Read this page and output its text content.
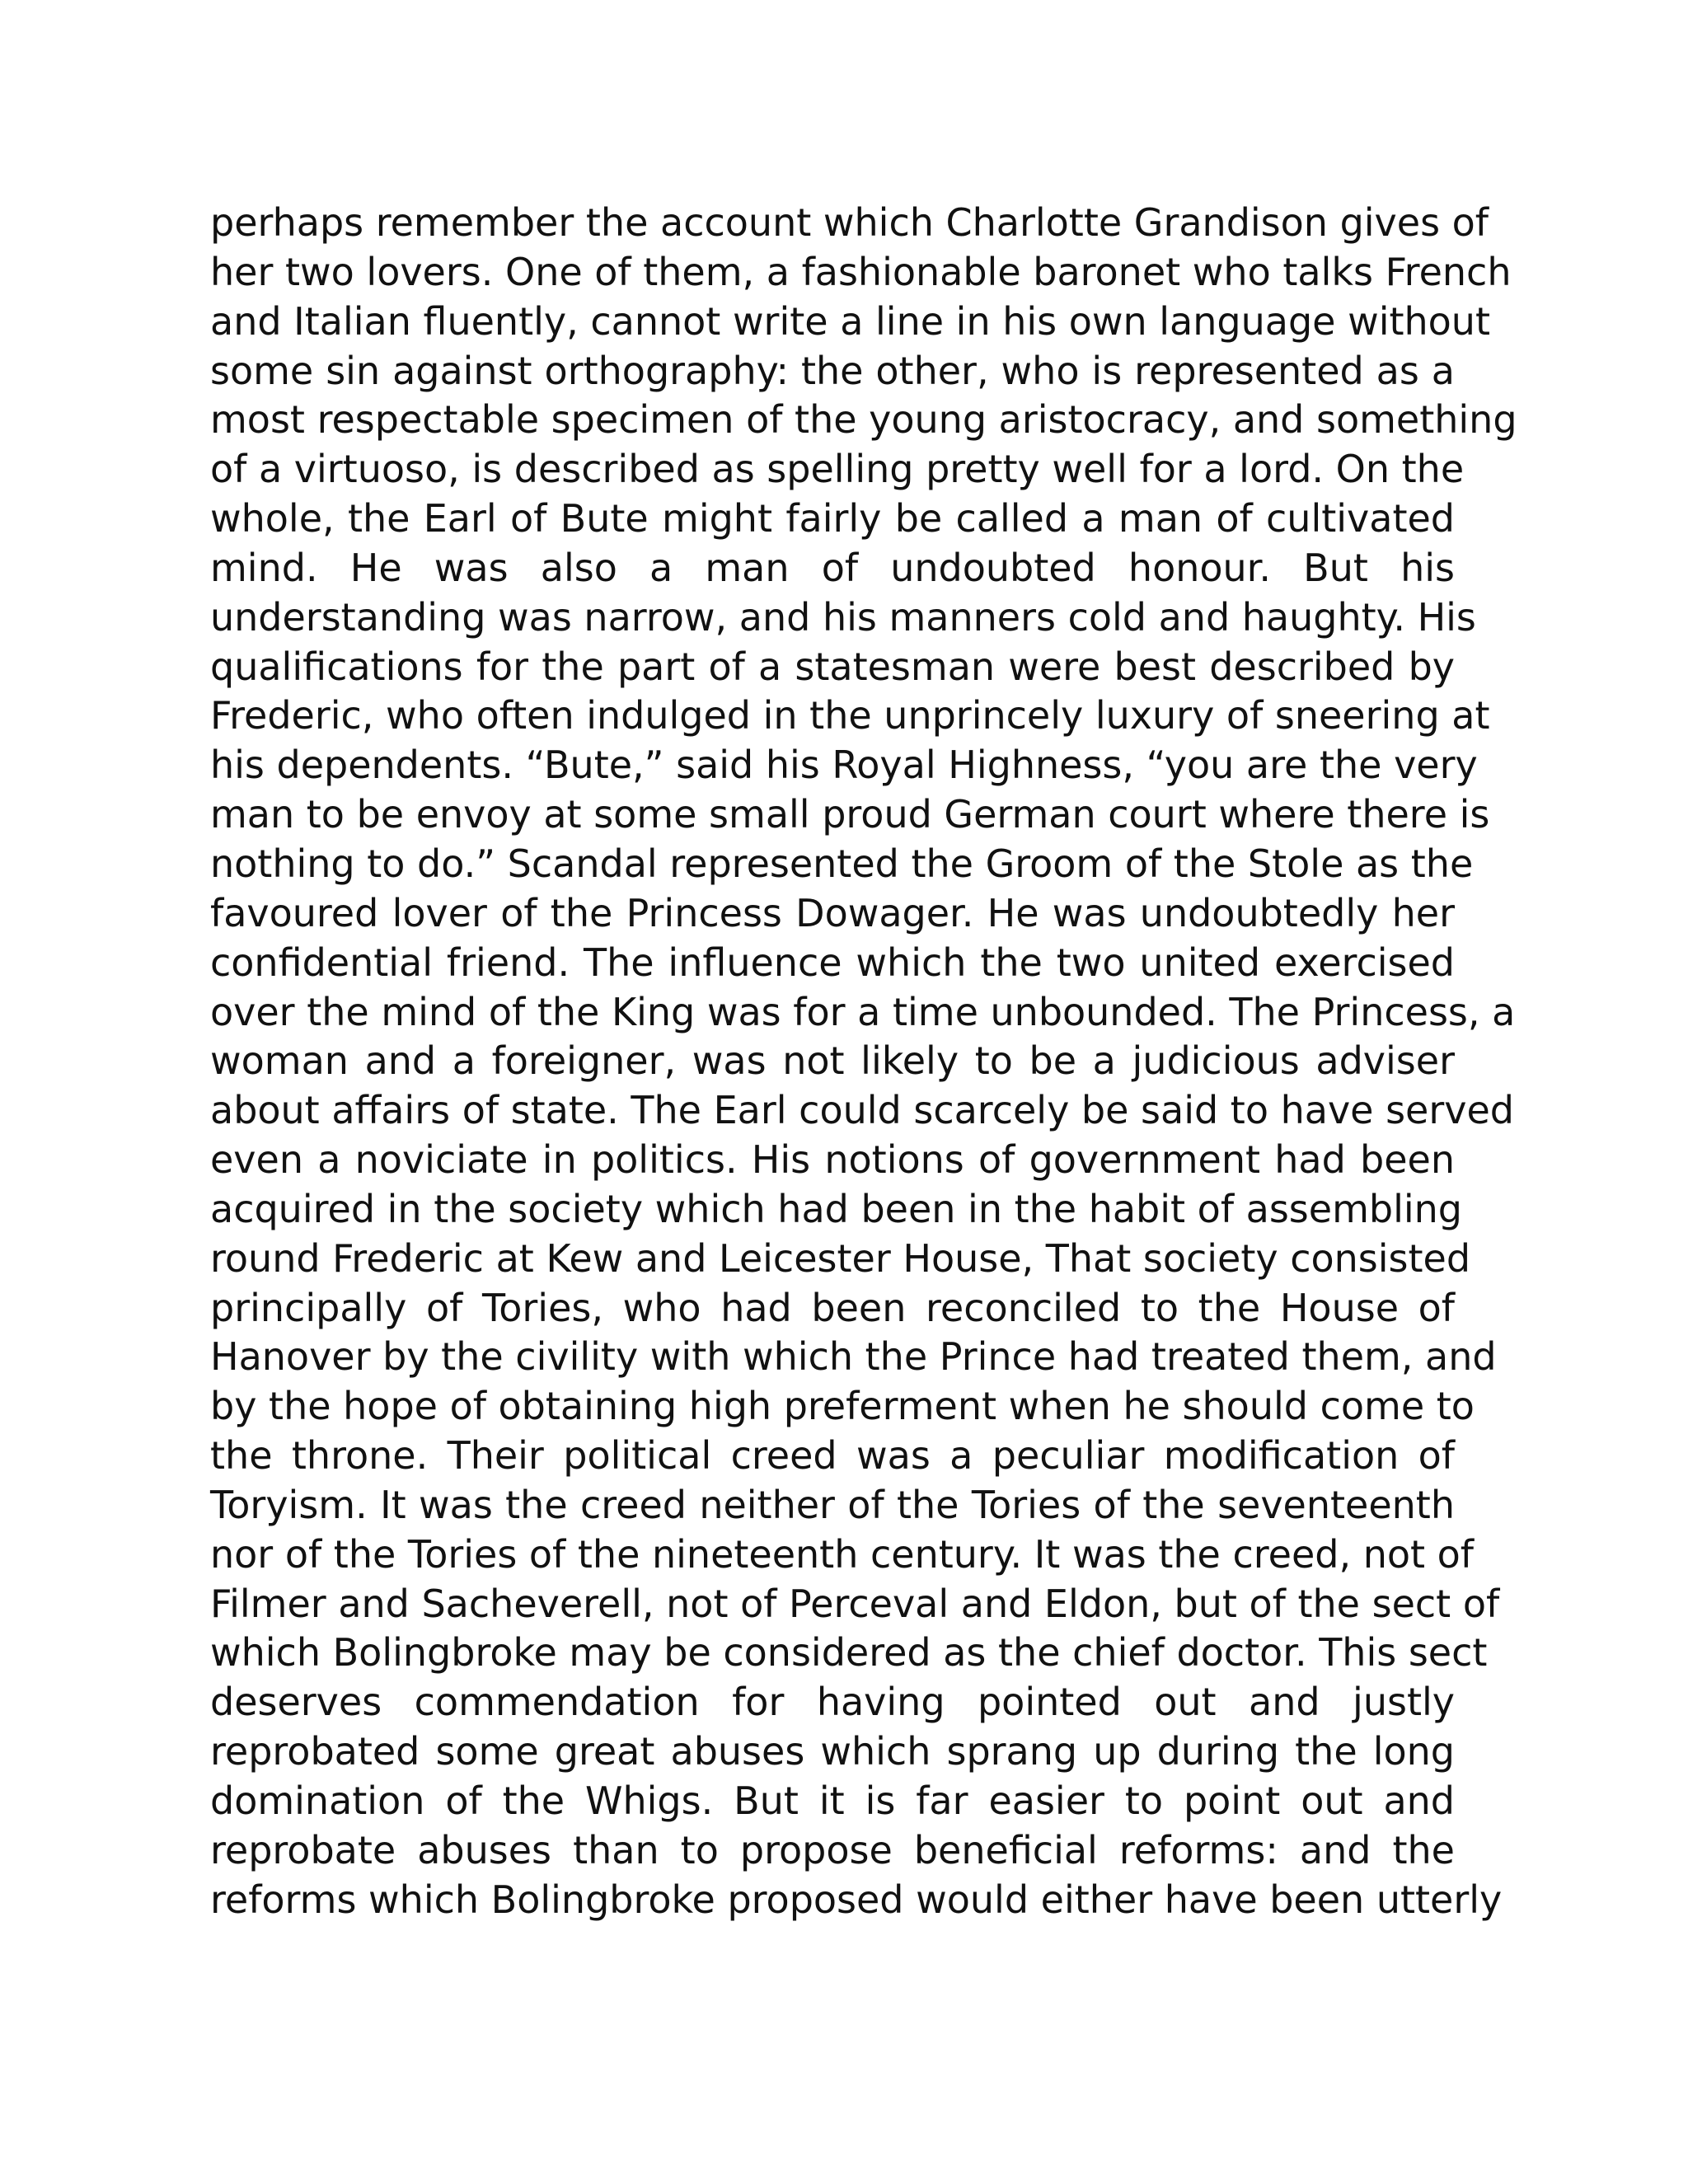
perhaps remember the account which Charlotte Grandison gives of
her two lovers. One of them, a fashionable baronet who talks French
and Italian fluently, cannot write a line in his own language without
some sin against orthography: the other, who is represented as a
most respectable specimen of the young aristocracy, and something
of a virtuoso, is described as spelling pretty well for a lord. On the
whole, the Earl of Bute might fairly be called a man of cultivated
mind. He was also a man of undoubted honour. But his
understanding was narrow, and his manners cold and haughty. His
qualifications for the part of a statesman were best described by
Frederic, who often indulged in the unprincely luxury of sneering at
his dependents. “Bute,” said his Royal Highness, “you are the very
man to be envoy at some small proud German court where there is
nothing to do.” Scandal represented the Groom of the Stole as the
favoured lover of the Princess Dowager. He was undoubtedly her
confidential friend. The influence which the two united exercised
over the mind of the King was for a time unbounded. The Princess, a
woman and a foreigner, was not likely to be a judicious adviser
about affairs of state. The Earl could scarcely be said to have served
even a noviciate in politics. His notions of government had been
acquired in the society which had been in the habit of assembling
round Frederic at Kew and Leicester House, That society consisted
principally of Tories, who had been reconciled to the House of
Hanover by the civility with which the Prince had treated them, and
by the hope of obtaining high preferment when he should come to
the throne. Their political creed was a peculiar modification of
Toryism. It was the creed neither of the Tories of the seventeenth
nor of the Tories of the nineteenth century. It was the creed, not of
Filmer and Sacheverell, not of Perceval and Eldon, but of the sect of
which Bolingbroke may be considered as the chief doctor. This sect
deserves commendation for having pointed out and justly
reprobated some great abuses which sprang up during the long
domination of the Whigs. But it is far easier to point out and
reprobate abuses than to propose beneficial reforms: and the
reforms which Bolingbroke proposed would either have been utterly
